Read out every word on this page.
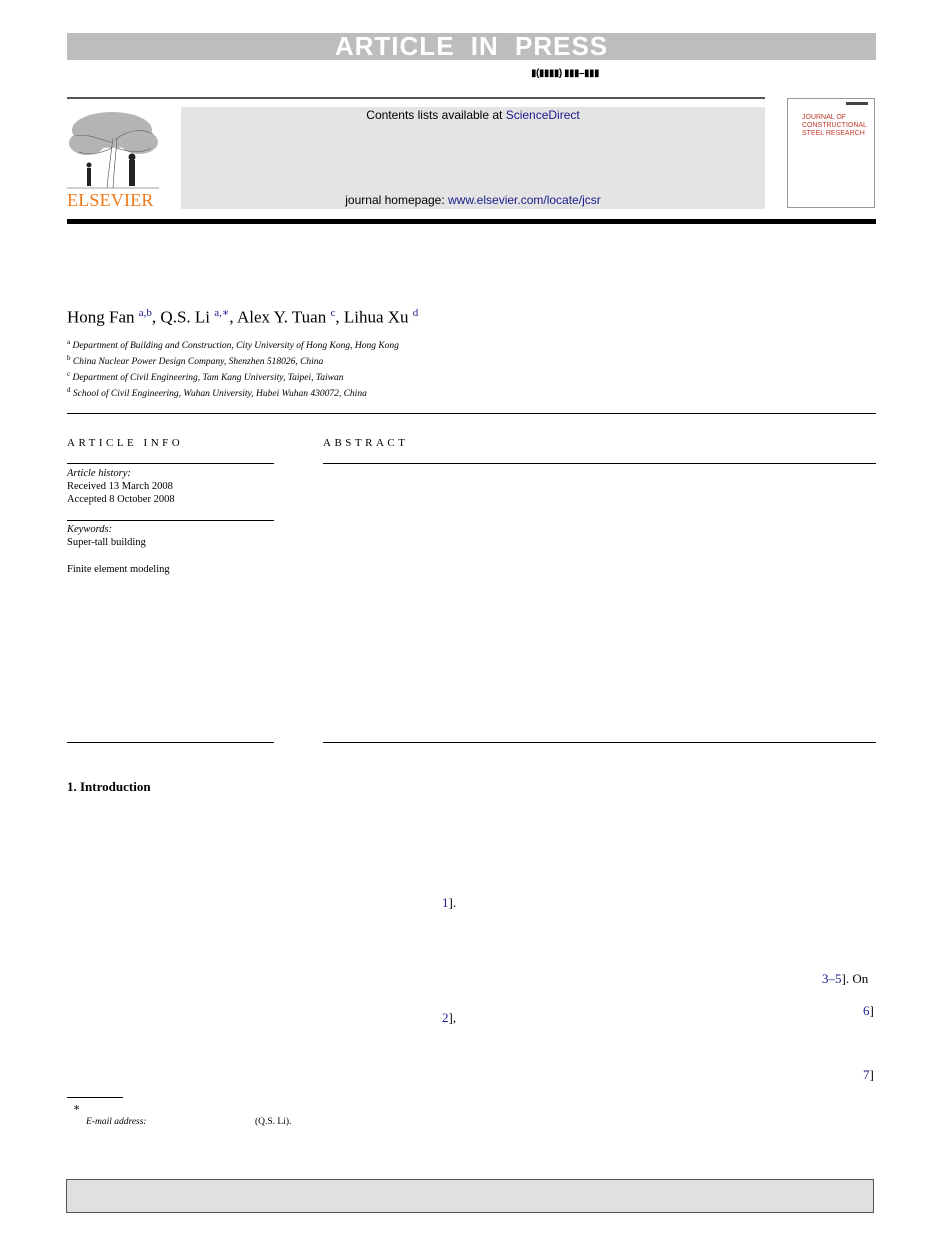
ARTICLE IN PRESS
▮(▮▮▮▮) ▮▮▮–▮▮▮
ELSEVIER
Contents lists available at ScienceDirect
journal homepage: www.elsevier.com/locate/jcsr
JOURNAL OF CONSTRUCTIONAL STEEL RESEARCH
Hong Fan $^{a,b}$, Q.S. Li $^{a,∗}$, Alex Y. Tuan $^c$, Lihua Xu $^d$
$^a$ Department of Building and Construction, City University of Hong Kong, Hong Kong
$^b$ China Nuclear Power Design Company, Shenzhen 518026, China
$^c$ Department of Civil Engineering, Tam Kang University, Taipei, Taiwan
$^d$ School of Civil Engineering, Wuhan University, Hubei Wuhan 430072, China
ARTICLE INFO
Article history:
Received 13 March 2008
Accepted 8 October 2008
Keywords:
Super-tall building
Finite element modeling
ABSTRACT
1. Introduction
1].
3–5]. On
6]
2],
7]
∗
E-mail address:	(Q.S. Li).
